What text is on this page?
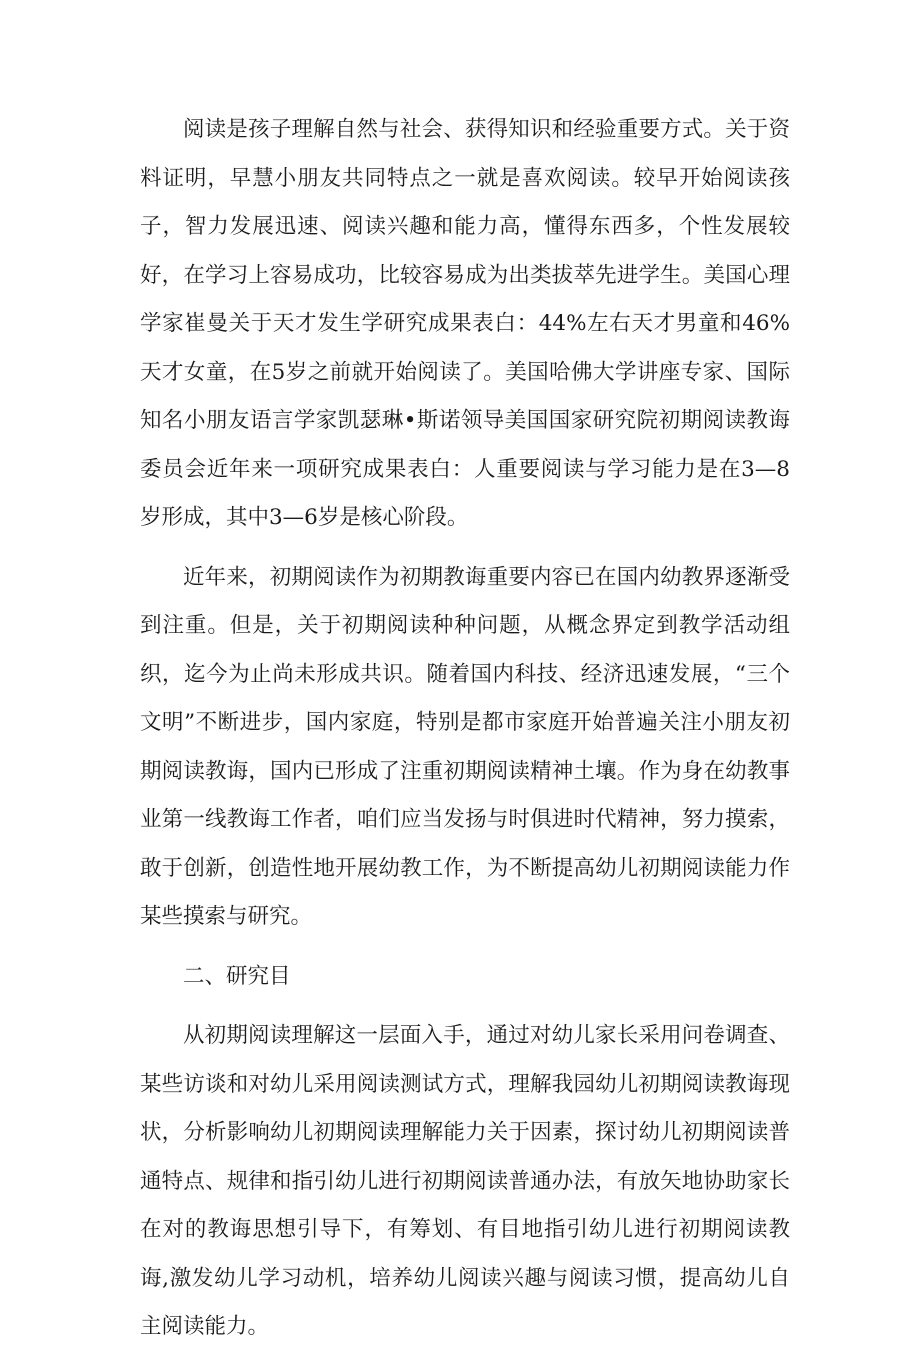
阅读是孩子理解自然与社会、获得知识和经验重要方式。关于资料证明，早慧小朋友共同特点之一就是喜欢阅读。较早开始阅读孩子，智力发展迅速、阅读兴趣和能力高，懂得东西多，个性发展较好，在学习上容易成功，比较容易成为出类拔萃先进学生。美国心理学家崔曼关于天才发生学研究成果表白：44%左右天才男童和46%天才女童，在5岁之前就开始阅读了。美国哈佛大学讲座专家、国际知名小朋友语言学家凯瑟琳•斯诺领导美国国家研究院初期阅读教诲委员会近年来一项研究成果表白：人重要阅读与学习能力是在3—8岁形成，其中3—6岁是核心阶段。

近年来，初期阅读作为初期教诲重要内容已在国内幼教界逐渐受到注重。但是，关于初期阅读种种问题，从概念界定到教学活动组织，迄今为止尚未形成共识。随着国内科技、经济迅速发展，“三个文明”不断进步，国内家庭，特别是都市家庭开始普遍关注小朋友初期阅读教诲，国内已形成了注重初期阅读精神土壤。作为身在幼教事业第一线教诲工作者，咱们应当发扬与时俱进时代精神，努力摸索，敢于创新，创造性地开展幼教工作，为不断提高幼儿初期阅读能力作某些摸索与研究。

二、研究目

从初期阅读理解这一层面入手，通过对幼儿家长采用问卷调查、某些访谈和对幼儿采用阅读测试方式，理解我园幼儿初期阅读教诲现状，分析影响幼儿初期阅读理解能力关于因素，探讨幼儿初期阅读普通特点、规律和指引幼儿进行初期阅读普通办法，有放矢地协助家长在对的教诲思想引导下，有筹划、有目地指引幼儿进行初期阅读教诲,激发幼儿学习动机，培养幼儿阅读兴趣与阅读习惯，提高幼儿自主阅读能力。
